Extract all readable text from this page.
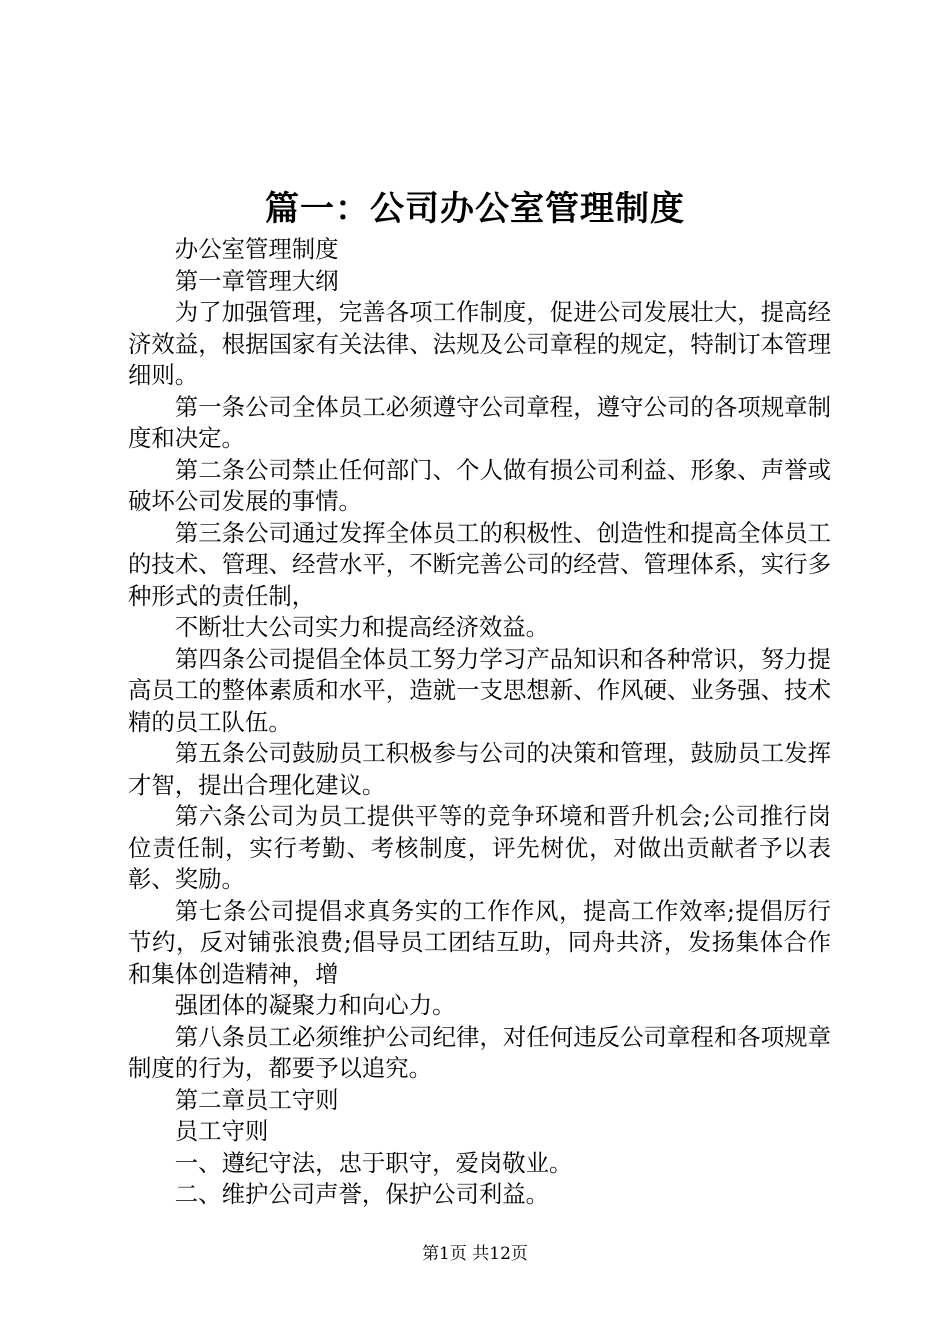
篇一：公司办公室管理制度

办公室管理制度

第一章管理大纲

为了加强管理，完善各项工作制度，促进公司发展壮大，提高经济效益，根据国家有关法律、法规及公司章程的规定，特制订本管理细则。

第一条公司全体员工必须遵守公司章程，遵守公司的各项规章制度和决定。

第二条公司禁止任何部门、个人做有损公司利益、形象、声誉或破坏公司发展的事情。

第三条公司通过发挥全体员工的积极性、创造性和提高全体员工的技术、管理、经营水平，不断完善公司的经营、管理体系，实行多种形式的责任制，

不断壮大公司实力和提高经济效益。

第四条公司提倡全体员工努力学习产品知识和各种常识，努力提高员工的整体素质和水平，造就一支思想新、作风硬、业务强、技术精的员工队伍。

第五条公司鼓励员工积极参与公司的决策和管理，鼓励员工发挥才智，提出合理化建议。

第六条公司为员工提供平等的竞争环境和晋升机会;公司推行岗位责任制，实行考勤、考核制度，评先树优，对做出贡献者予以表彰、奖励。

第七条公司提倡求真务实的工作作风，提高工作效率;提倡厉行节约，反对铺张浪费;倡导员工团结互助，同舟共济，发扬集体合作和集体创造精神，增

强团体的凝聚力和向心力。

第八条员工必须维护公司纪律，对任何违反公司章程和各项规章制度的行为，都要予以追究。

第二章员工守则

员工守则

一、遵纪守法，忠于职守，爱岗敬业。

二、维护公司声誉，保护公司利益。

第1页 共12页
